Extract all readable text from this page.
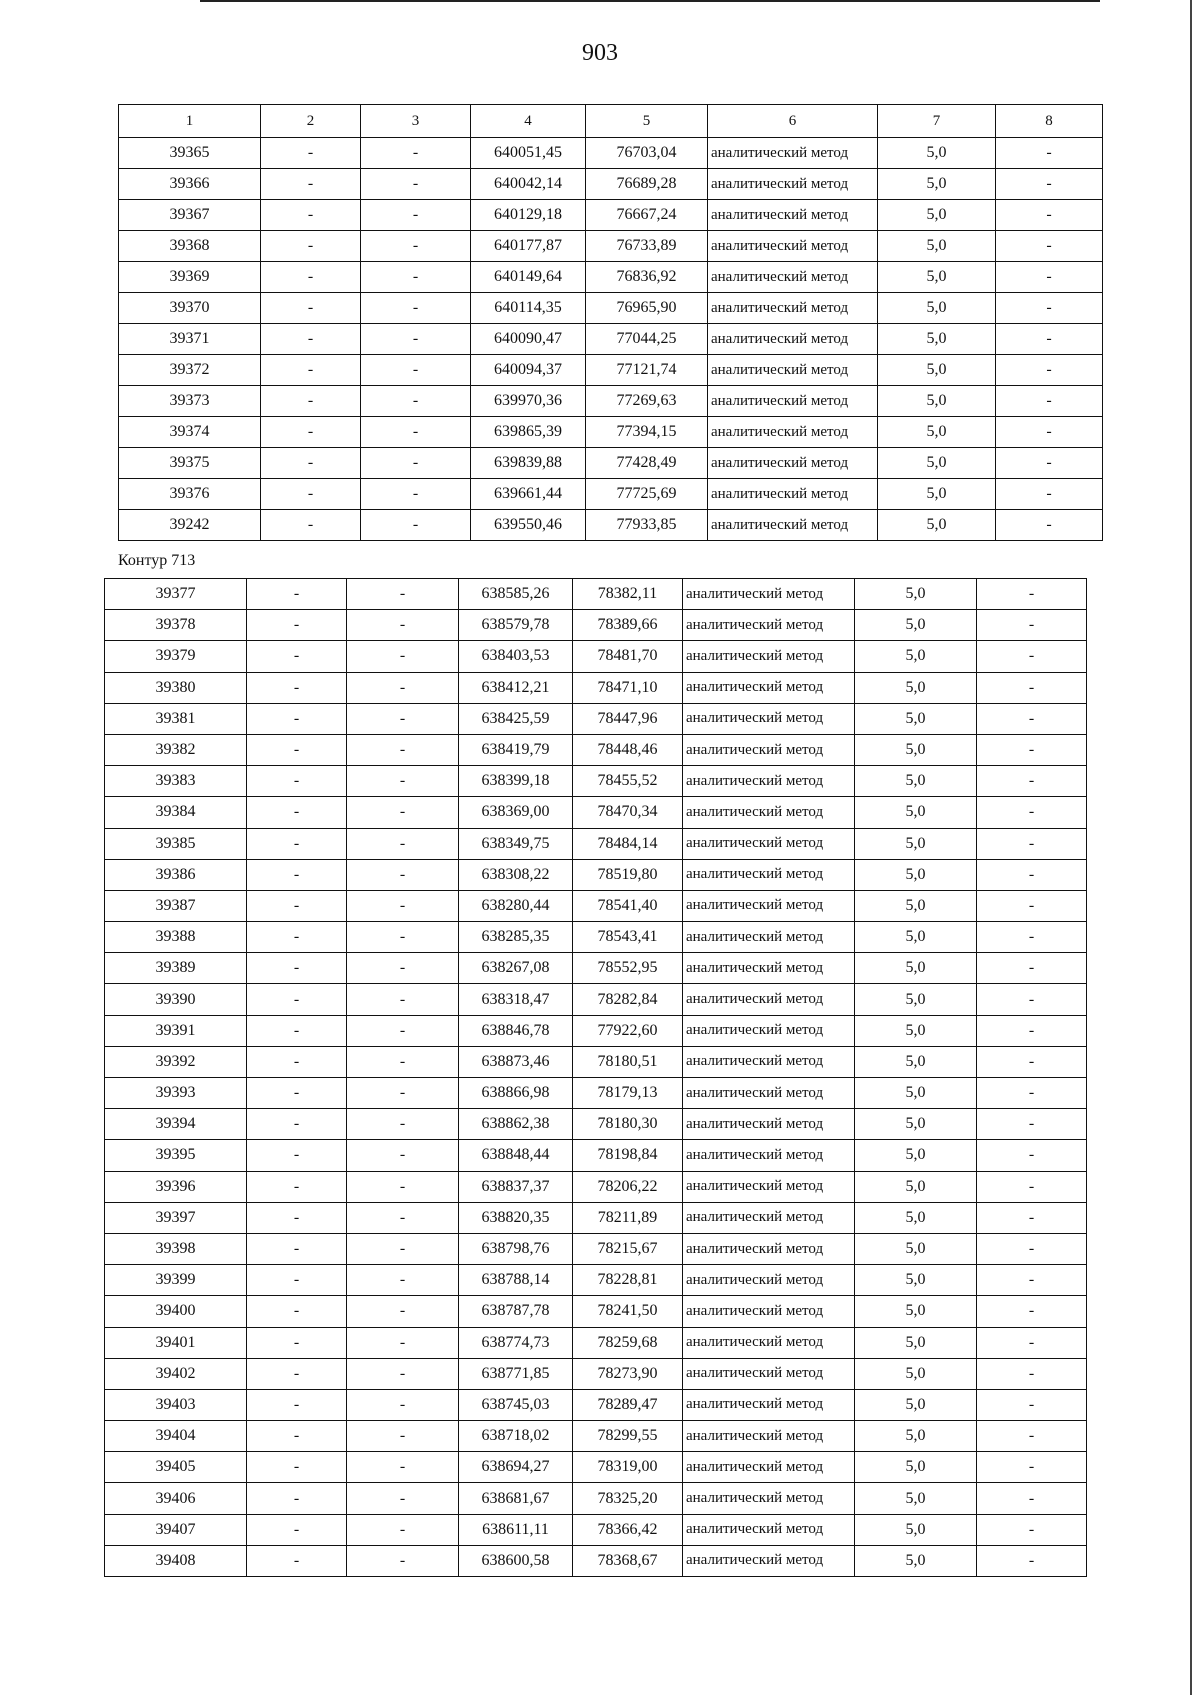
903
1	2	3	4	5	6	7	8
39365	-	-	640051,45	76703,04	аналитический метод	5,0	-
39366	-	-	640042,14	76689,28	аналитический метод	5,0	-
39367	-	-	640129,18	76667,24	аналитический метод	5,0	-
39368	-	-	640177,87	76733,89	аналитический метод	5,0	-
39369	-	-	640149,64	76836,92	аналитический метод	5,0	-
39370	-	-	640114,35	76965,90	аналитический метод	5,0	-
39371	-	-	640090,47	77044,25	аналитический метод	5,0	-
39372	-	-	640094,37	77121,74	аналитический метод	5,0	-
39373	-	-	639970,36	77269,63	аналитический метод	5,0	-
39374	-	-	639865,39	77394,15	аналитический метод	5,0	-
39375	-	-	639839,88	77428,49	аналитический метод	5,0	-
39376	-	-	639661,44	77725,69	аналитический метод	5,0	-
39242	-	-	639550,46	77933,85	аналитический метод	5,0	-
Контур 713
39377	-	-	638585,26	78382,11	аналитический метод	5,0	-
39378	-	-	638579,78	78389,66	аналитический метод	5,0	-
39379	-	-	638403,53	78481,70	аналитический метод	5,0	-
39380	-	-	638412,21	78471,10	аналитический метод	5,0	-
39381	-	-	638425,59	78447,96	аналитический метод	5,0	-
39382	-	-	638419,79	78448,46	аналитический метод	5,0	-
39383	-	-	638399,18	78455,52	аналитический метод	5,0	-
39384	-	-	638369,00	78470,34	аналитический метод	5,0	-
39385	-	-	638349,75	78484,14	аналитический метод	5,0	-
39386	-	-	638308,22	78519,80	аналитический метод	5,0	-
39387	-	-	638280,44	78541,40	аналитический метод	5,0	-
39388	-	-	638285,35	78543,41	аналитический метод	5,0	-
39389	-	-	638267,08	78552,95	аналитический метод	5,0	-
39390	-	-	638318,47	78282,84	аналитический метод	5,0	-
39391	-	-	638846,78	77922,60	аналитический метод	5,0	-
39392	-	-	638873,46	78180,51	аналитический метод	5,0	-
39393	-	-	638866,98	78179,13	аналитический метод	5,0	-
39394	-	-	638862,38	78180,30	аналитический метод	5,0	-
39395	-	-	638848,44	78198,84	аналитический метод	5,0	-
39396	-	-	638837,37	78206,22	аналитический метод	5,0	-
39397	-	-	638820,35	78211,89	аналитический метод	5,0	-
39398	-	-	638798,76	78215,67	аналитический метод	5,0	-
39399	-	-	638788,14	78228,81	аналитический метод	5,0	-
39400	-	-	638787,78	78241,50	аналитический метод	5,0	-
39401	-	-	638774,73	78259,68	аналитический метод	5,0	-
39402	-	-	638771,85	78273,90	аналитический метод	5,0	-
39403	-	-	638745,03	78289,47	аналитический метод	5,0	-
39404	-	-	638718,02	78299,55	аналитический метод	5,0	-
39405	-	-	638694,27	78319,00	аналитический метод	5,0	-
39406	-	-	638681,67	78325,20	аналитический метод	5,0	-
39407	-	-	638611,11	78366,42	аналитический метод	5,0	-
39408	-	-	638600,58	78368,67	аналитический метод	5,0	-
